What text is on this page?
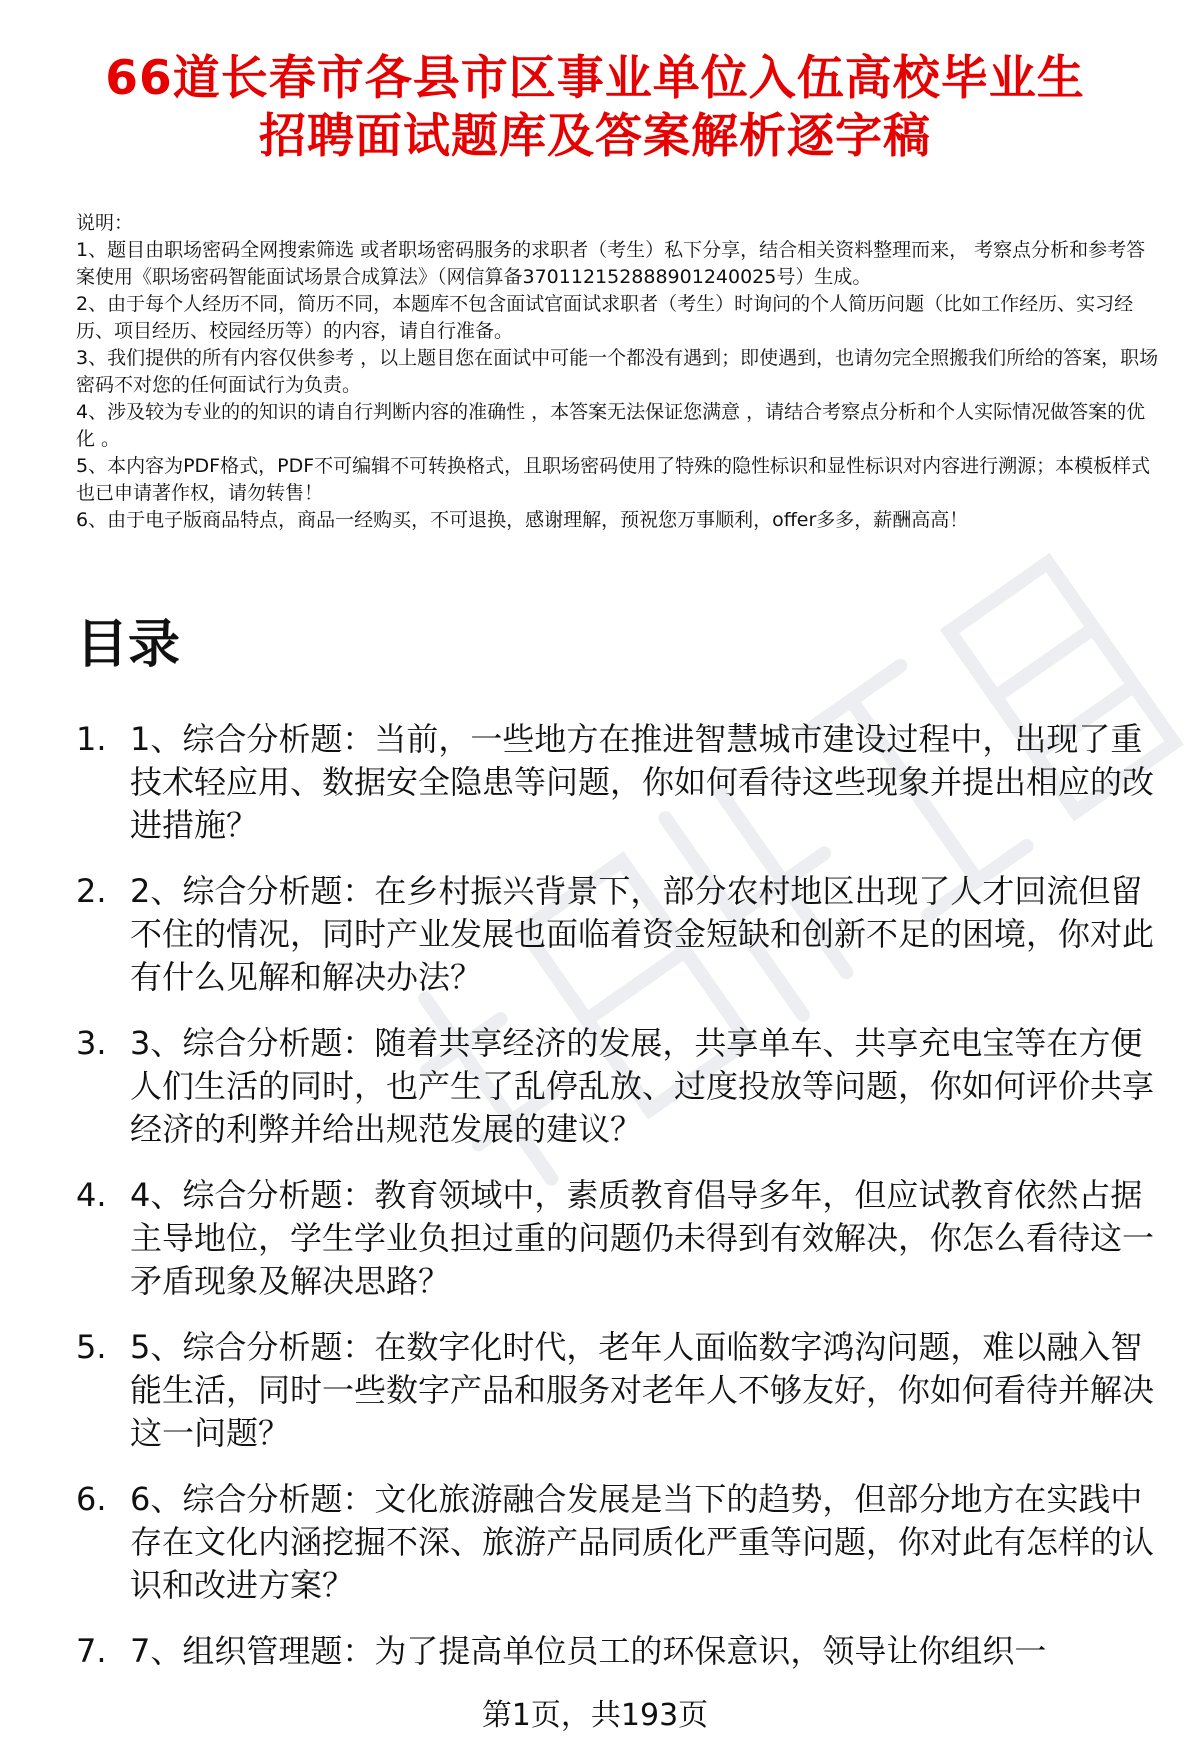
66道长春市各县市区事业单位入伍高校毕业生
招聘面试题库及答案解析逐字稿

说明：

1、题目由职场密码全网搜索筛选 或者职场密码服务的求职者（考生）私下分享，结合相关资料整理而来， 考察点分析和参考答案使用《职场密码智能面试场景合成算法》（网信算备370112152888901240025号）生成。

2、由于每个人经历不同，简历不同，本题库不包含面试官面试求职者（考生）时询问的个人简历问题（比如工作经历、实习经历、项目经历、校园经历等）的内容，请自行准备。

3、我们提供的所有内容仅供参考 ，以上题目您在面试中可能一个都没有遇到；即使遇到，也请勿完全照搬我们所给的答案，职场密码不对您的任何面试行为负责。

4、涉及较为专业的的知识的请自行判断内容的准确性 ，本答案无法保证您满意 ，请结合考察点分析和个人实际情况做答案的优化 。

5、本内容为PDF格式，PDF不可编辑不可转换格式，且职场密码使用了特殊的隐性标识和显性标识对内容进行溯源；本模板样式也已申请著作权，请勿转售！

6、由于电子版商品特点，商品一经购买，不可退换，感谢理解，预祝您万事顺利，offer多多，薪酬高高！

目录
1. 1、综合分析题：当前，一些地方在推进智慧城市建设过程中，出现了重技术轻应用、数据安全隐患等问题，你如何看待这些现象并提出相应的改进措施？
2. 2、综合分析题：在乡村振兴背景下，部分农村地区出现了人才回流但留不住的情况，同时产业发展也面临着资金短缺和创新不足的困境，你对此有什么见解和解决办法？
3. 3、综合分析题：随着共享经济的发展，共享单车、共享充电宝等在方便人们生活的同时，也产生了乱停乱放、过度投放等问题，你如何评价共享经济的利弊并给出规范发展的建议？
4. 4、综合分析题：教育领域中，素质教育倡导多年，但应试教育依然占据主导地位，学生学业负担过重的问题仍未得到有效解决，你怎么看待这一矛盾现象及解决思路？
5. 5、综合分析题：在数字化时代，老年人面临数字鸿沟问题，难以融入智能生活，同时一些数字产品和服务对老年人不够友好，你如何看待并解决这一问题？
6. 6、综合分析题：文化旅游融合发展是当下的趋势，但部分地方在实践中存在文化内涵挖掘不深、旅游产品同质化严重等问题，你对此有怎样的认识和改进方案？
7. 7、组织管理题：为了提高单位员工的环保意识，领导让你组织一
第1页，共193页
